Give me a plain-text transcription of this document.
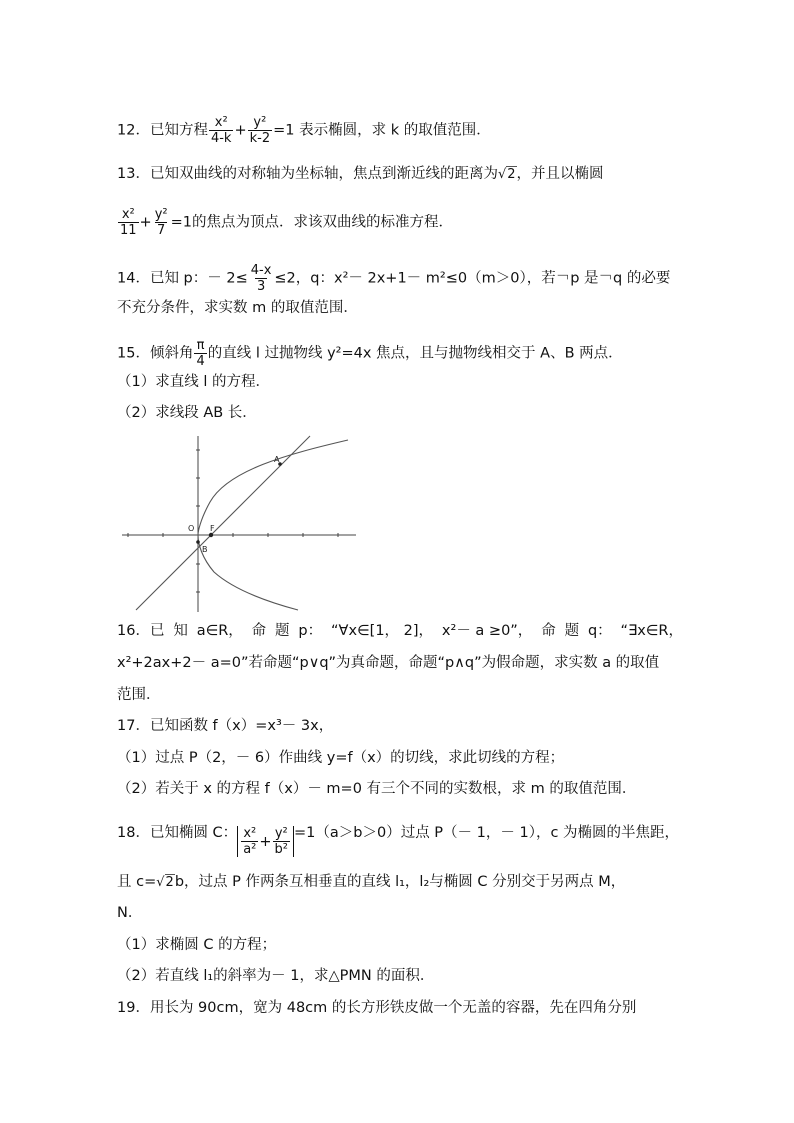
12．已知方程 $\frac{\text{x²}}{4-k} + \frac{\text{y²}}{k-2} =1$ 表示椭圆，求 k 的取值范围．
13．已知双曲线的对称轴为坐标轴，焦点到渐近线的距离为√2，并且以椭圆
$\frac{\text{x²}}{11} + \frac{\text{y²}}{7} =1$的焦点为顶点．求该双曲线的标准方程．
14．已知 p：－ $2\le \frac{4-x}{3} \le 2$，q：x²－ 2x+1－ m²≤0（m＞0），若￢p 是￢q 的必要
不充分条件，求实数 m 的取值范围．
15．倾斜角 $\frac{\pi}{4}$ 的直线 l 过抛物线 y²=4x 焦点，且与抛物线相交于 A、B 两点．
（1）求直线 l 的方程．
（2）求线段 AB 长．
A
B
O F
16．已 知 a∈R， 命 题 p： “∀x∈[1， 2]， x²－ a ≥0”， 命 题 q： “∃x∈R，
x²+2ax+2－ a=0”若命题“p∨q”为真命题，命题“p∧q”为假命题，求实数 a 的取值
范围．
17．已知函数 f（x）=x³－ 3x，
（1）过点 P（2，－ 6）作曲线 y=f（x）的切线，求此切线的方程；
（2）若关于 x 的方程 f（x）－ m=0 有三个不同的实数根，求 m 的取值范围．
18．已知椭圆 C： $\frac{\text{x²}}{\text{a²}} + \frac{\text{y²}}{\text{b²}} =1(a>b>0)$过点 P（－ 1，－ 1），c 为椭圆的半焦距，
且 c=√2b，过点 P 作两条互相垂直的直线 l₁，l₂与椭圆 C 分别交于另两点 M，
N．
（1）求椭圆 C 的方程；
（2）若直线 l₁的斜率为－ 1，求△PMN 的面积．
19．用长为 90cm，宽为 48cm 的长方形铁皮做一个无盖的容器，先在四角分别
